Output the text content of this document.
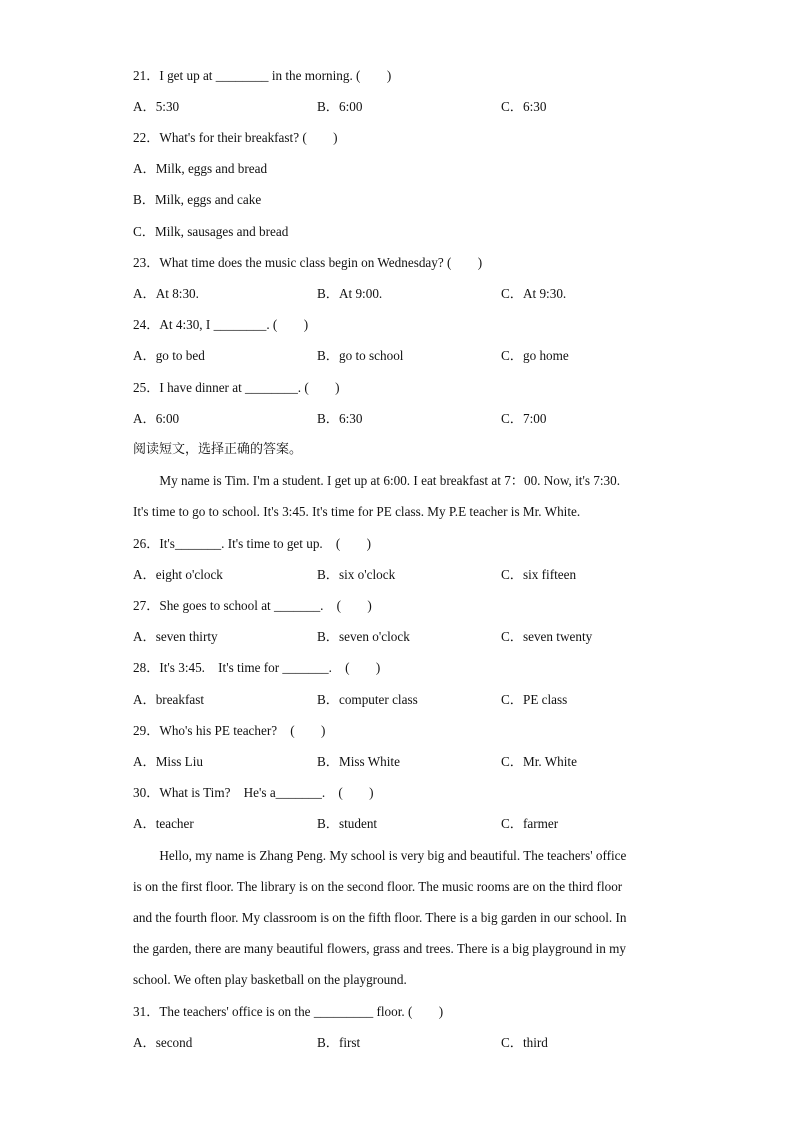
21．I get up at ________ in the morning. (　　)
A．5:30	B．6:00	C．6:30
22．What's for their breakfast? (　　)
A．Milk, eggs and bread
B．Milk, eggs and cake
C．Milk, sausages and bread
23．What time does the music class begin on Wednesday? (　　)
A．At 8:30.	B．At 9:00.	C．At 9:30.
24．At 4:30, I ________. (　　)
A．go to bed	B．go to school	C．go home
25．I have dinner at ________. (　　)
A．6:00	B．6:30	C．7:00
阅读短文，选择正确的答案。
　　My name is Tim. I'm a student. I get up at 6:00. I eat breakfast at 7：00. Now, it's 7:30.
It's time to go to school. It's 3:45. It's time for PE class. My P.E teacher is Mr. White.
26．It's_______. It's time to get up.　(　　)
A．eight o'clock	B．six o'clock	C．six fifteen
27．She goes to school at _______.　(　　)
A．seven thirty	B．seven o'clock	C．seven twenty
28．It's 3:45.　It's time for _______.　(　　)
A．breakfast	B．computer class	C．PE class
29．Who's his PE teacher?　(　　)
A．Miss Liu	B．Miss White	C．Mr. White
30．What is Tim?　He's a_______.　(　　)
A．teacher	B．student	C．farmer
　　Hello, my name is Zhang Peng. My school is very big and beautiful. The teachers' office
is on the first floor. The library is on the second floor. The music rooms are on the third floor
and the fourth floor. My classroom is on the fifth floor. There is a big garden in our school. In
the garden, there are many beautiful flowers, grass and trees. There is a big playground in my
school. We often play basketball on the playground.
31．The teachers' office is on the _________ floor. (　　)
A．second	B．first	C．third
